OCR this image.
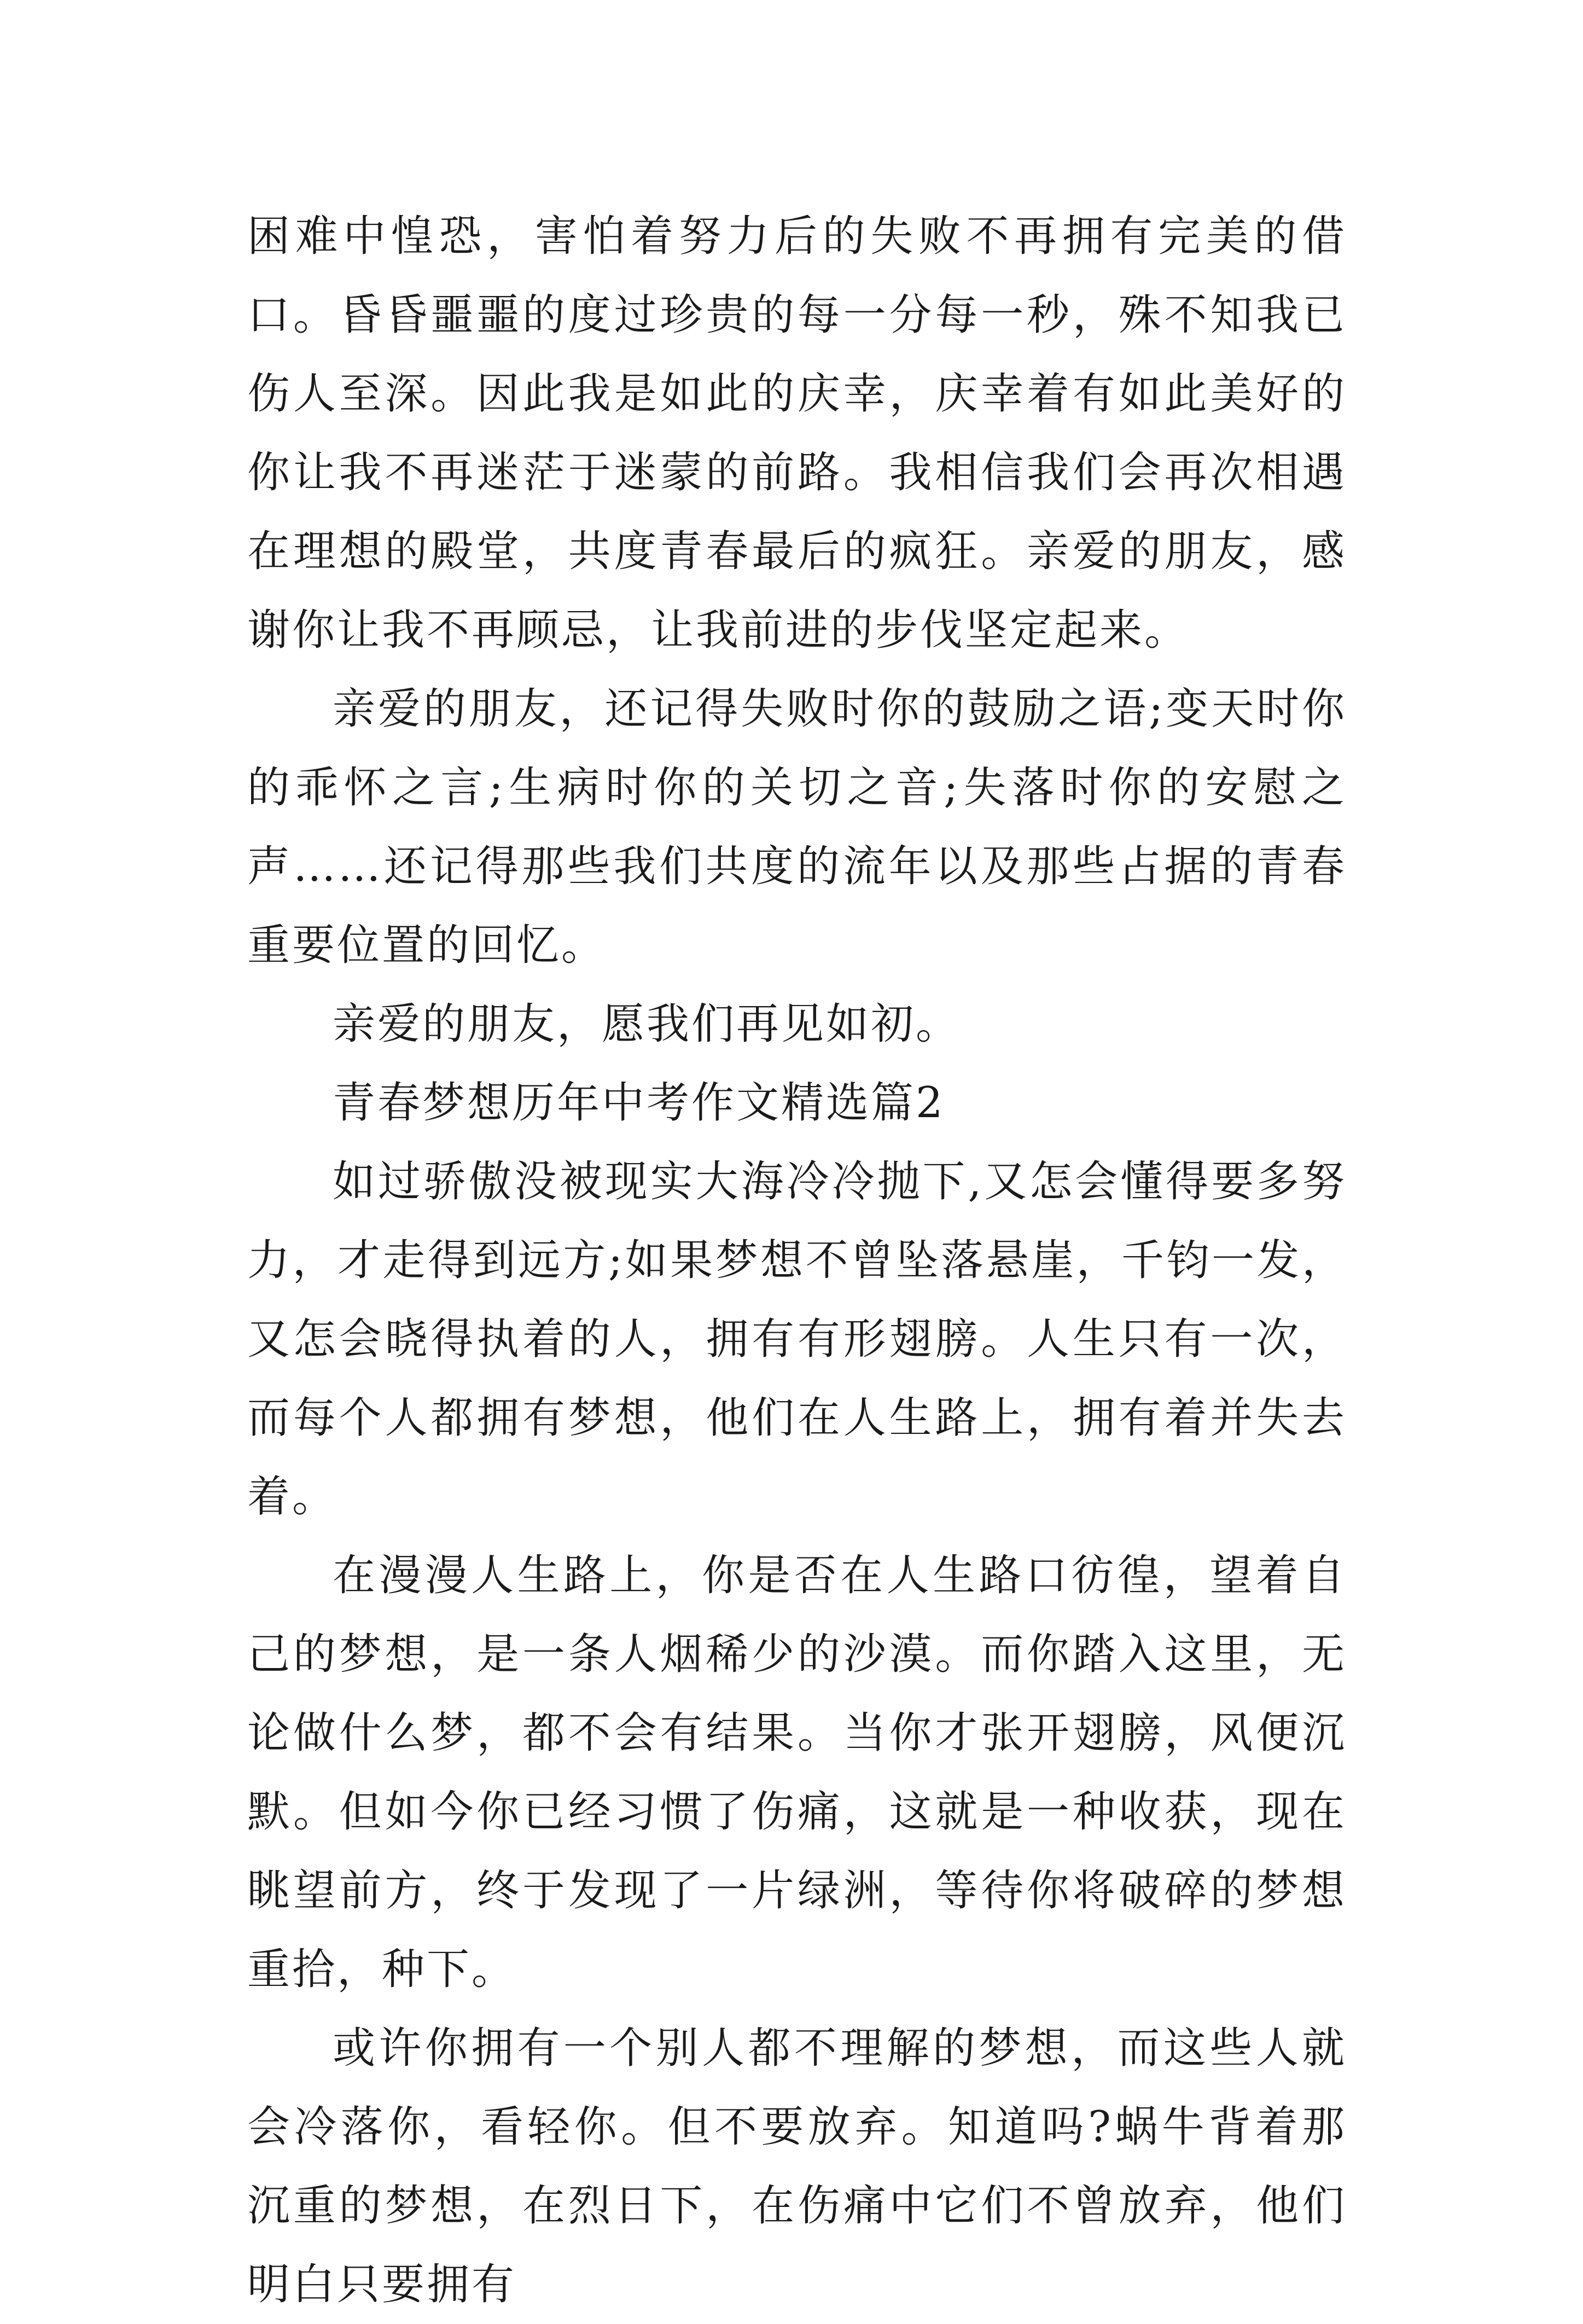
困难中惶恐，害怕着努力后的失败不再拥有完美的借口。昏昏噩噩的度过珍贵的每一分每一秒，殊不知我已伤人至深。因此我是如此的庆幸，庆幸着有如此美好的你让我不再迷茫于迷蒙的前路。我相信我们会再次相遇在理想的殿堂，共度青春最后的疯狂。亲爱的朋友，感谢你让我不再顾忌，让我前进的步伐坚定起来。

亲爱的朋友，还记得失败时你的鼓励之语;变天时你的乖怀之言;生病时你的关切之音;失落时你的安慰之声……还记得那些我们共度的流年以及那些占据的青春重要位置的回忆。

亲爱的朋友，愿我们再见如初。

青春梦想历年中考作文精选篇2

如过骄傲没被现实大海冷冷抛下,又怎会懂得要多努力，才走得到远方;如果梦想不曾坠落悬崖，千钧一发，又怎会晓得执着的人，拥有有形翅膀。人生只有一次，而每个人都拥有梦想，他们在人生路上，拥有着并失去着。

在漫漫人生路上，你是否在人生路口彷徨，望着自己的梦想，是一条人烟稀少的沙漠。而你踏入这里，无论做什么梦，都不会有结果。当你才张开翅膀，风便沉默。但如今你已经习惯了伤痛，这就是一种收获，现在眺望前方，终于发现了一片绿洲，等待你将破碎的梦想重拾，种下。

或许你拥有一个别人都不理解的梦想，而这些人就会冷落你，看轻你。但不要放弃。知道吗?蜗牛背着那沉重的梦想，在烈日下，在伤痛中它们不曾放弃，他们明白只要拥有
